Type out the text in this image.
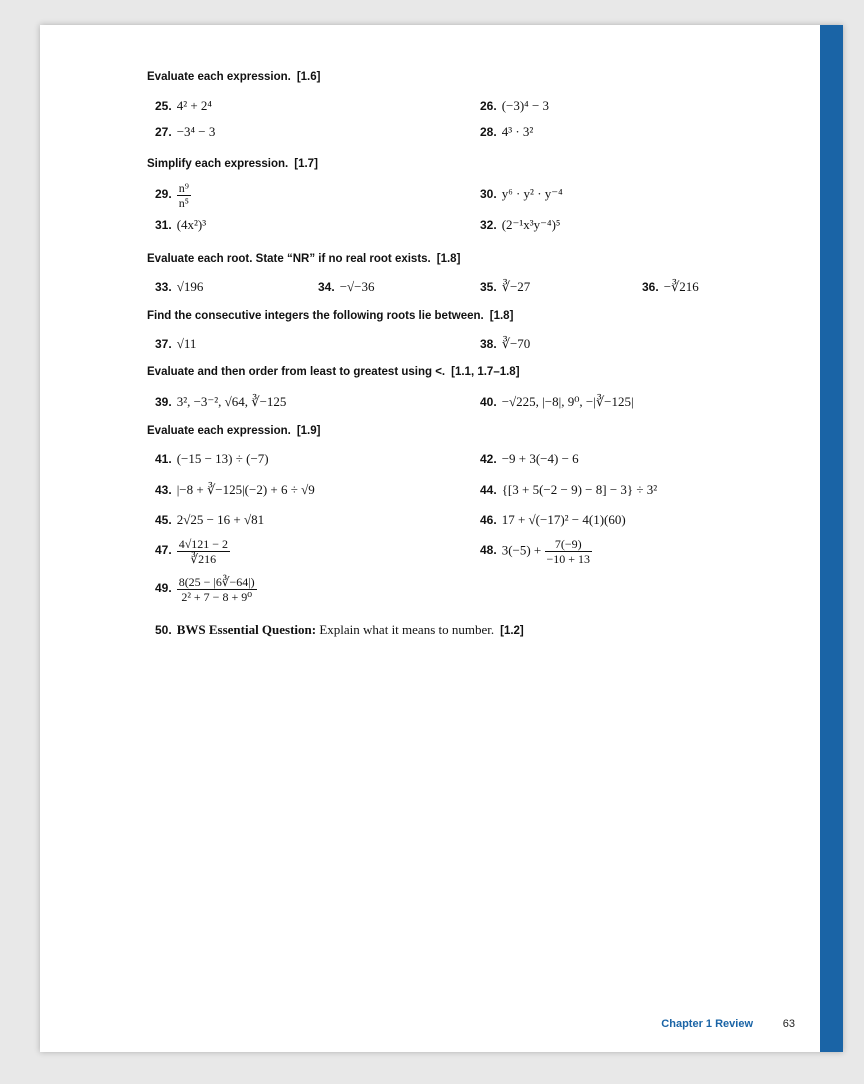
Evaluate each expression. [1.6]
25. 4² + 2⁴	26. (−3)⁴ − 3
27. −3⁴ − 3	28. 4³ · 3²
Simplify each expression. [1.7]
29. $\frac{\text{n⁹}}{\text{n⁵}}$	30. y⁶ · y² · y⁻⁴
31. (4x²)³	32. (2⁻¹x³y⁻⁴)⁵
Evaluate each root. State “NR” if no real root exists. [1.8]
33. √196	34. −√−36	35. ∛−27	36. −∛216
Find the consecutive integers the following roots lie between. [1.8]
37. √11	38. ∛−70
Evaluate and then order from least to greatest using <. [1.1, 1.7–1.8]
39. 3², −3⁻², √64, ∛−125	40. −√225, |−8|, 9⁰, −|∛−125|
Evaluate each expression. [1.9]
41. (−15 − 13) ÷ (−7)	42. −9 + 3(−4) − 6
43. |−8 + ∛−125|(−2) + 6 ÷ √9	44. {[3 + 5(−2 − 9) − 8] − 3} ÷ 3²
45. 2√25 − 16 + √81	46. 17 + √(−17)² − 4(1)(60)
47. $\frac{4√121 - 2}{∛216}$	48. $3(-5) + \frac{7(-9)}{-10 + 13}$
49. $\frac{8(25 - |6∛-64|)}{\text{2² + 7 − 8 + 9⁰}}$
50. BWS Essential Question: Explain what it means to number. [1.2]
Chapter 1 Review	63
